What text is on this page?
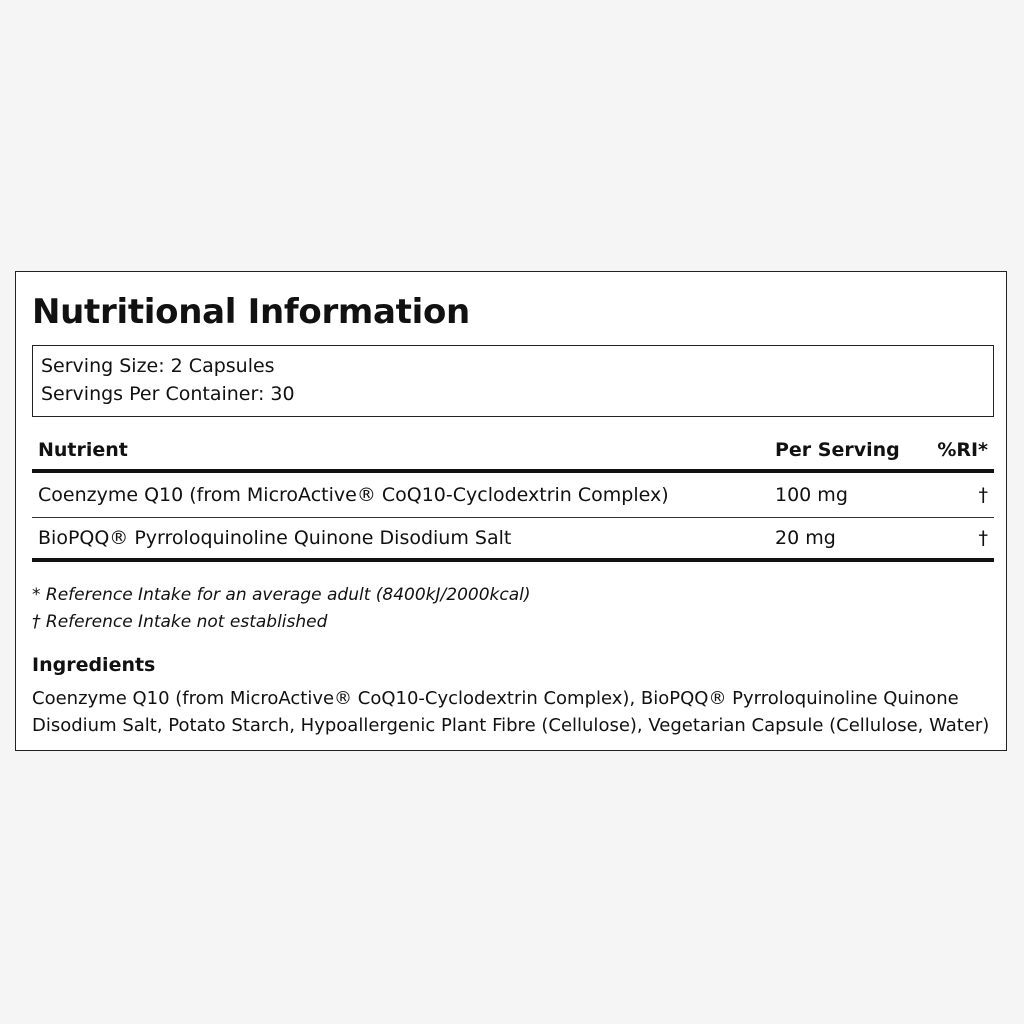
Nutritional Information
Serving Size: 2 Capsules
Servings Per Container: 30
Nutrient	Per Serving	%RI*
Coenzyme Q10 (from MicroActive® CoQ10-Cyclodextrin Complex)	100 mg	†
BioPQQ® Pyrroloquinoline Quinone Disodium Salt	20 mg	†
* Reference Intake for an average adult (8400kJ/2000kcal)
† Reference Intake not established
Ingredients

Coenzyme Q10 (from MicroActive® CoQ10-Cyclodextrin Complex), BioPQQ® Pyrroloquinoline Quinone Disodium Salt, Potato Starch, Hypoallergenic Plant Fibre (Cellulose), Vegetarian Capsule (Cellulose, Water)
